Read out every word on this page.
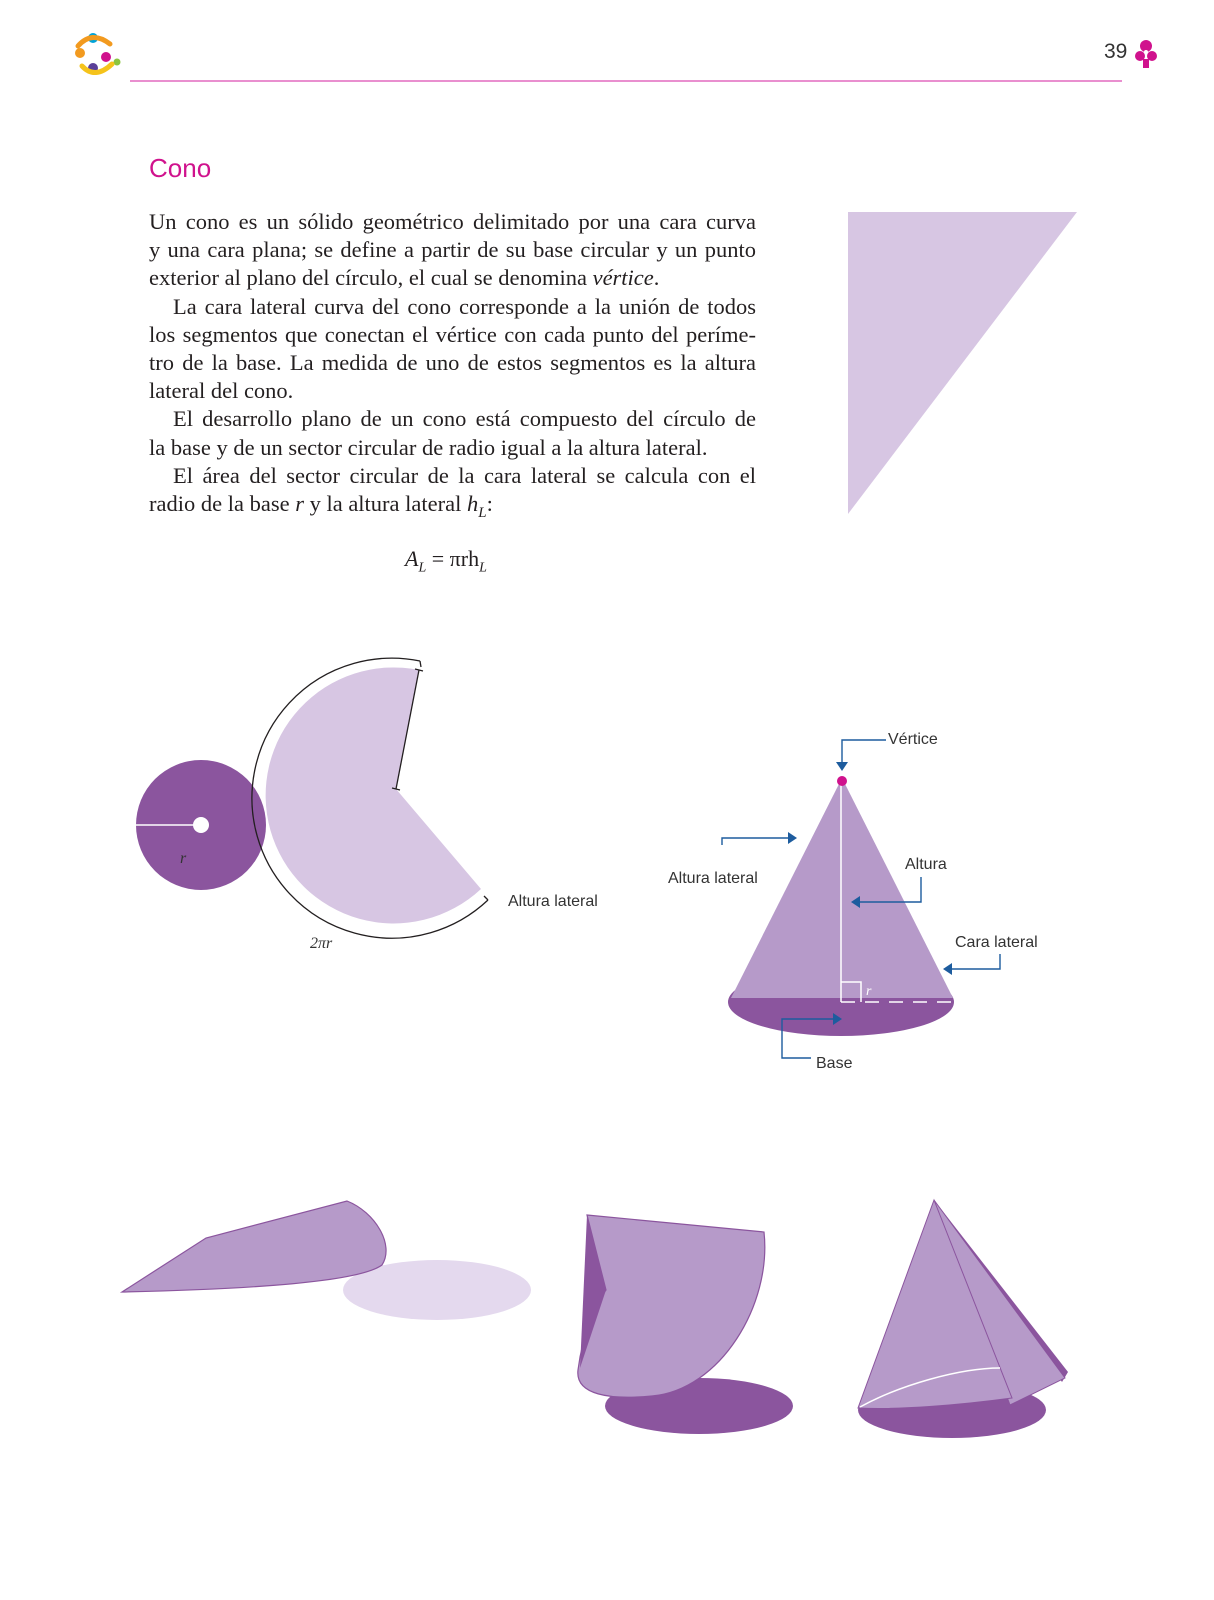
39
Cono

Un cono es un sólido geométrico delimitado por una cara curva

y una cara plana; se define a partir de su base circular y un punto

exterior al plano del círculo, el cual se denomina vértice.

La cara lateral curva del cono corresponde a la unión de todos

los segmentos que conectan el vértice con cada punto del períme-

tro de la base. La medida de uno de estos segmentos es la altura

lateral del cono.

El desarrollo plano de un cono está compuesto del círculo de

la base y de un sector circular de radio igual a la altura lateral.

El área del sector circular de la cara lateral se calcula con el

radio de la base r y la altura lateral $h_L$:

$A_L = \pi rh_L$
r
2πr
Altura lateral
Vértice
Altura lateral
Altura
Cara lateral
r
Base
